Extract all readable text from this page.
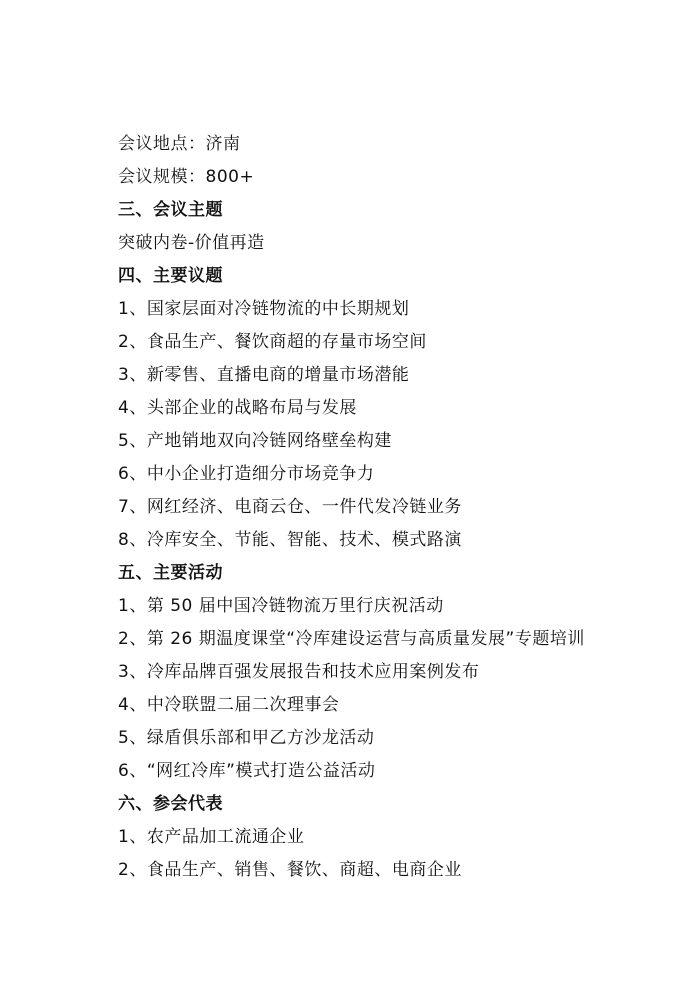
会议地点：济南
会议规模：800+
三、会议主题
突破内卷-价值再造
四、主要议题
1、国家层面对冷链物流的中长期规划
2、食品生产、餐饮商超的存量市场空间
3、新零售、直播电商的增量市场潜能
4、头部企业的战略布局与发展
5、产地销地双向冷链网络壁垒构建
6、中小企业打造细分市场竞争力
7、网红经济、电商云仓、一件代发冷链业务
8、冷库安全、节能、智能、技术、模式路演
五、主要活动
1、第 50 届中国冷链物流万里行庆祝活动
2、第 26 期温度课堂“冷库建设运营与高质量发展”专题培训
3、冷库品牌百强发展报告和技术应用案例发布
4、中冷联盟二届二次理事会
5、绿盾俱乐部和甲乙方沙龙活动
6、“网红冷库”模式打造公益活动
六、参会代表
1、农产品加工流通企业
2、食品生产、销售、餐饮、商超、电商企业
